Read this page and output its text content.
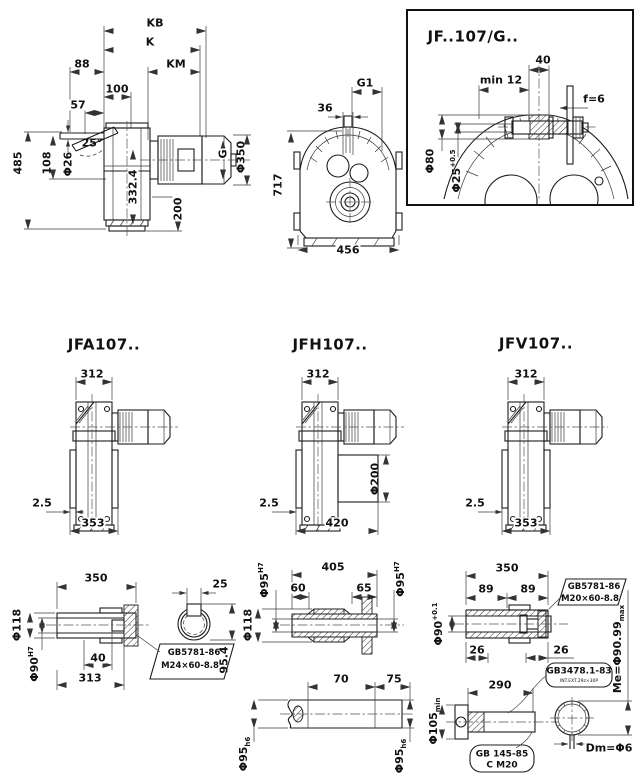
KB
K
88	KM
100
57
25°
Φ26
108
485
332.4
200
G Φ350
G1
36
717
456
JF..107/G..
40
min 12
f=6
Φ80
$\Phi 25^{+0.5}$
JFA107..
312
2.5
353
JFH107..
312
Φ200
2.5
420
JFV107..
312
2.5
353
350
Φ118
$\Phi 90^{H7}$	40
313
25
95.4
GB5781-86
M24×60-8.8
405
60	65
$\Phi 95^{H7}$
$\Phi 95^{H7}$
Φ118
70	75
$\Phi 95_{h6}$
$\Phi 95_{h6}$
350
89 89	GB5781-86
M20×60-8.8
$\Phi 90^{+0.1}$
26	26
290
$\Phi 105_{min}$
GB3478.1-83
INT.EXT.29z×30P
GB 145-85
C M20
Dm=Φ6
$Me=\Phi 90.99_{max}$
